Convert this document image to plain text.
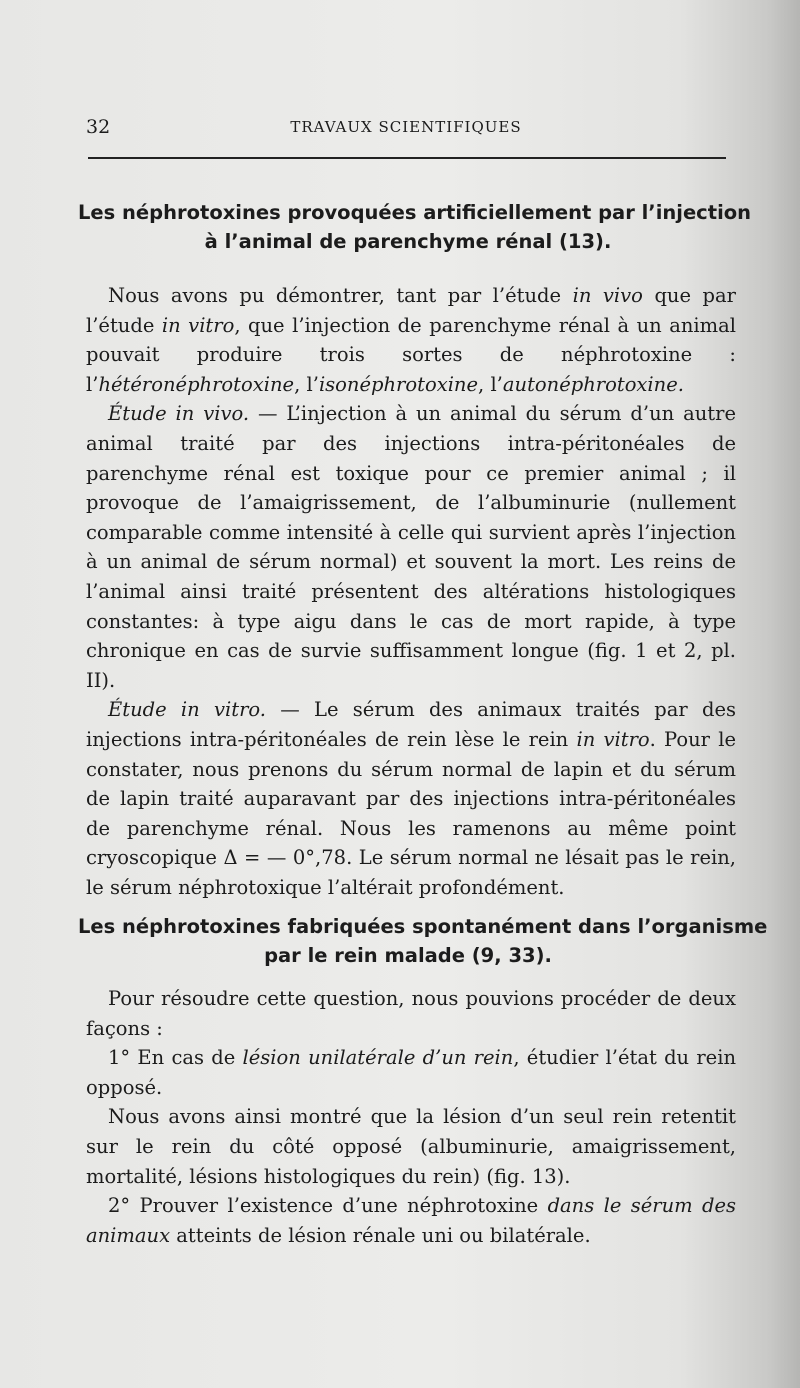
32	TRAVAUX SCIENTIFIQUES
Les néphrotoxines provoquées artificiellement par l’injection
à l’animal de parenchyme rénal (13).

Nous avons pu démontrer, tant par l’étude in vivo que par l’étude in vitro, que l’injection de parenchyme rénal à un animal pouvait produire trois sortes de néphrotoxine : l’hétéronéphrotoxine, l’isonéphrotoxine, l’autonéphrotoxine.

Étude in vivo. — L’injection à un animal du sérum d’un autre animal traité par des injections intra-péritonéales de parenchyme rénal est toxique pour ce premier animal ; il provoque de l’amaigrissement, de l’albuminurie (nullement comparable comme intensité à celle qui survient après l’injection à un animal de sérum normal) et souvent la mort. Les reins de l’animal ainsi traité présentent des altérations histologiques constantes: à type aigu dans le cas de mort rapide, à type chronique en cas de survie suffisamment longue (fig. 1 et 2, pl. II).

Étude in vitro. — Le sérum des animaux traités par des injections intra-péritonéales de rein lèse le rein in vitro. Pour le constater, nous prenons du sérum normal de lapin et du sérum de lapin traité auparavant par des injections intra-péritonéales de parenchyme rénal. Nous les ramenons au même point cryoscopique Δ = — 0°,78. Le sérum normal ne lésait pas le rein, le sérum néphrotoxique l’altérait profondément.

Les néphrotoxines fabriquées spontanément dans l’organisme
par le rein malade (9, 33).

Pour résoudre cette question, nous pouvions procéder de deux façons :

1° En cas de lésion unilatérale d’un rein, étudier l’état du rein opposé.

Nous avons ainsi montré que la lésion d’un seul rein retentit sur le rein du côté opposé (albuminurie, amaigrissement, mortalité, lésions histologiques du rein) (fig. 13).

2° Prouver l’existence d’une néphrotoxine dans le sérum des animaux atteints de lésion rénale uni ou bilatérale.
